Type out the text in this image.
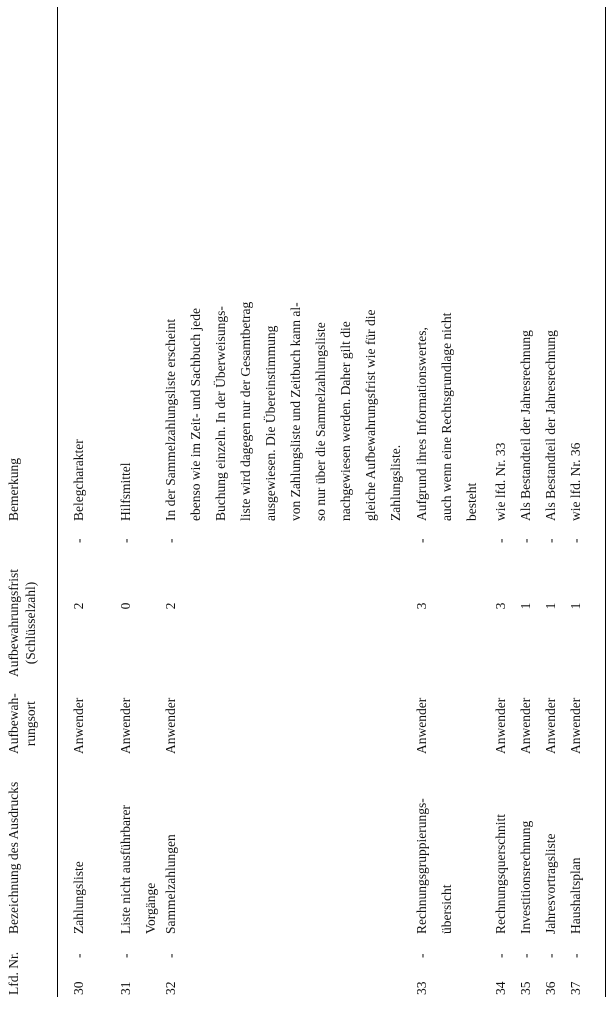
Lfd. Nr.
Bezeichnung des Ausdrucks
Aufbewah- rungsort
Aufbewahrungsfrist (Schlüsselzahl)
Bemerkung
30
-
Zahlungsliste
Anwender
2
-
Belegcharakter
31
-
Liste nicht ausführbarer Vorgänge
Anwender
0
-
Hilfsmittel
32
-
Sammelzahlungen
Anwender
2
-
In der Sammelzahlungsliste erscheint ebenso wie im Zeit- und Sachbuch jede Buchung einzeln. In der Überweisungs- liste wird dagegen nur der Gesamtbetrag ausgewiesen. Die Übereinstimmung von Zahlungsliste und Zeitbuch kann al- so nur über die Sammelzahlungsliste nachgewiesen werden. Daher gilt die gleiche Aufbewahrungsfrist wie für die Zahlungsliste.
33
-
Rechnungsgruppierungs- übersicht
Anwender
3
-
Aufgrund ihres Informationswertes, auch wenn eine Rechtsgrundlage nicht besteht
34
-
Rechnungsquerschnitt
Anwender
3
-
wie lfd. Nr. 33
35
-
Investitionsrechnung
Anwender
1
-
Als Bestandteil der Jahresrechnung
36
-
Jahresvortragsliste
Anwender
1
-
Als Bestandteil der Jahresrechnung
37
-
Haushaltsplan
Anwender
1
-
wie lfd. Nr. 36
